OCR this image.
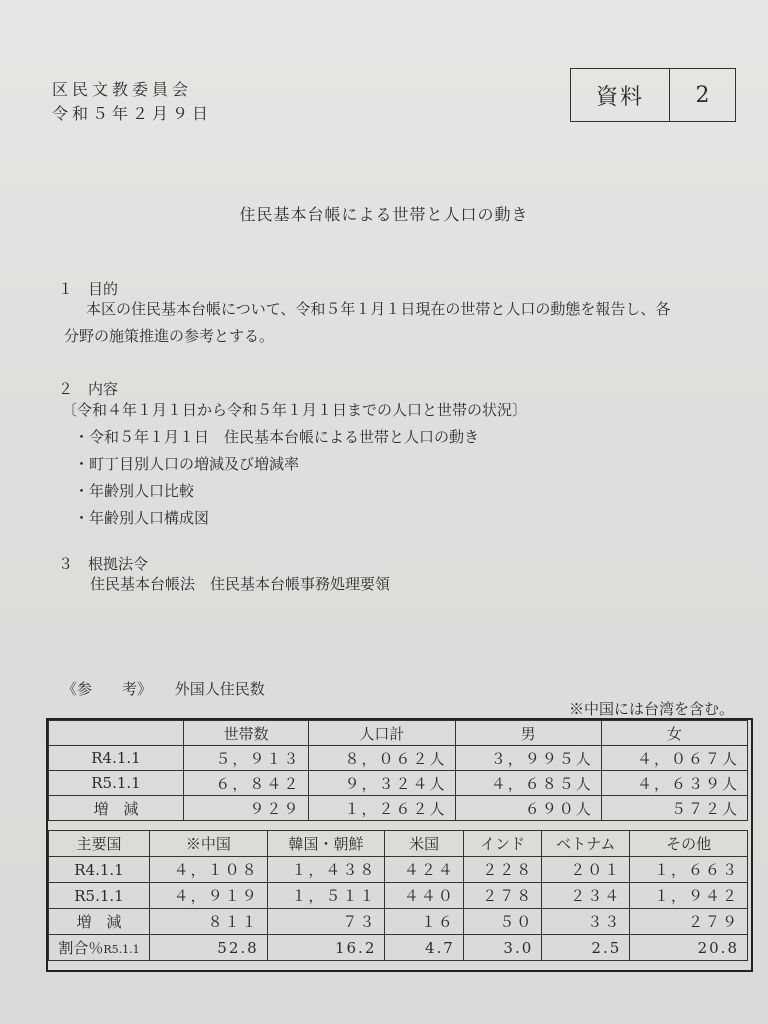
区民文教委員会
令和５年２月９日
資料	2
住民基本台帳による世帯と人口の動き
１ 目的
本区の住民基本台帳について、令和５年１月１日現在の世帯と人口の動態を報告し、各
分野の施策推進の参考とする。
２ 内容
〔令和４年１月１日から令和５年１月１日までの人口と世帯の状況〕
・令和５年１月１日　住民基本台帳による世帯と人口の動き
・町丁目別人口の増減及び増減率
・年齢別人口比較
・年齢別人口構成図
３ 根拠法令
住民基本台帳法　住民基本台帳事務処理要領
《参　　考》 外国人住民数
※中国には台湾を含む。
	世帯数	人口計	男	女
R4.1.1	５，９１３	８，０６２人	３，９９５人	４，０６７人
R5.1.1	６，８４２	９，３２４人	４，６８５人	４，６３９人
増　減	９２９	１，２６２人	６９０人	５７２人
主要国	※中国	韓国・朝鮮	米国	インド	ベトナム	その他
R4.1.1	４，１０８	１，４３８	４２４	２２８	２０１	１，６６３
R5.1.1	４，９１９	１，５１１	４４０	２７８	２３４	１，９４２
増　減	８１１	７３	１６	５０	３３	２７９
割合％R5.1.1	52.8	16.2	4.7	3.0	2.5	20.8
